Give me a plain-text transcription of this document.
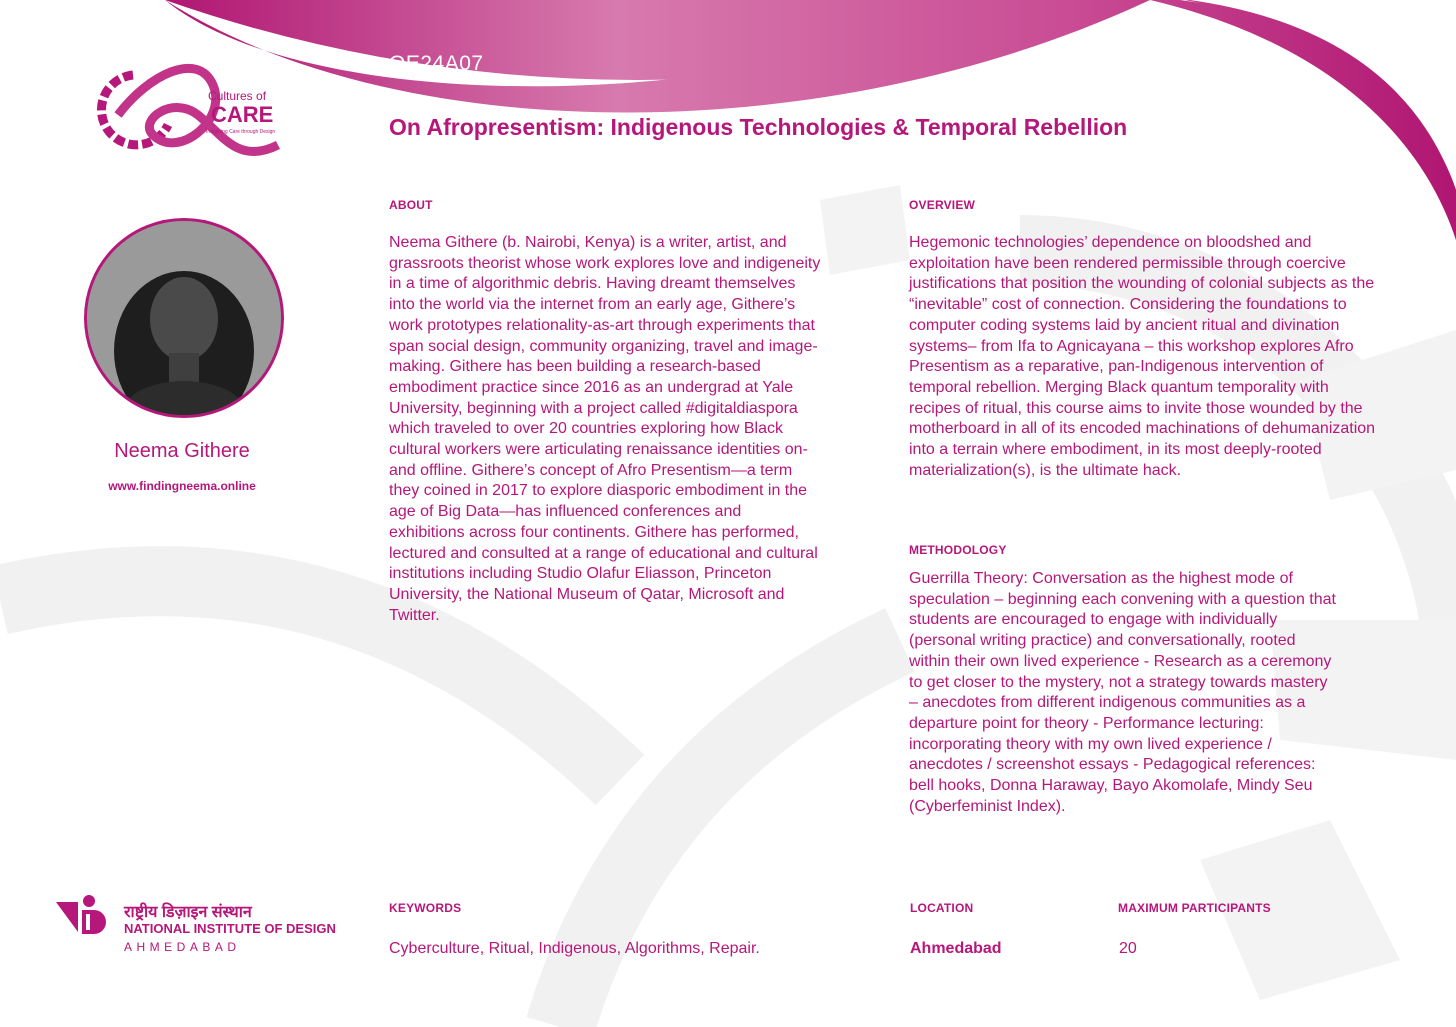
Cultures of
CARE
Imagining Care through Design
Neema Githere
www.findingneema.online
OE24A07
On Afropresentism: Indigenous Technologies & Temporal Rebellion
ABOUT

Neema Githere (b. Nairobi, Kenya) is a writer, artist, and grassroots theorist whose work explores love and indigeneity in a time of algorithmic debris. Having dreamt themselves into the world via the internet from an early age, Githere’s work prototypes relationality-as-art through experiments that span social design, community organizing, travel and image-making. Githere has been building a research-based embodiment practice since 2016 as an undergrad at Yale University, beginning with a project called #digitaldiaspora which traveled to over 20 countries exploring how Black cultural workers were articulating renaissance identities on- and offline. Githere’s concept of Afro Presentism—a term they coined in 2017 to explore diasporic embodiment in the age of Big Data—has influenced conferences and exhibitions across four continents. Githere has performed, lectured and consulted at a range of educational and cultural institutions including Studio Olafur Eliasson, Princeton University, the National Museum of Qatar, Microsoft and Twitter.

OVERVIEW

Hegemonic technologies’ dependence on bloodshed and exploitation have been rendered permissible through coercive justifications that position the wounding of colonial subjects as the “inevitable” cost of connection. Considering the foundations to computer coding systems laid by ancient ritual and divination systems– from Ifa to Agnicayana – this workshop explores Afro Presentism as a reparative, pan-Indigenous intervention of temporal rebellion. Merging Black quantum temporality with recipes of ritual, this course aims to invite those wounded by the motherboard in all of its encoded machinations of dehumanization into a terrain where embodiment, in its most deeply-rooted materialization(s), is the ultimate hack.

METHODOLOGY

Guerrilla Theory: Conversation as the highest mode of speculation – beginning each convening with a question that students are encouraged to engage with individually (personal writing practice) and conversationally, rooted within their own lived experience - Research as a ceremony to get closer to the mystery, not a strategy towards mastery – anecdotes from different indigenous communities as a departure point for theory - Performance lecturing: incorporating theory with my own lived experience / anecdotes / screenshot essays - Pedagogical references: bell hooks, Donna Haraway, Bayo Akomolafe, Mindy Seu (Cyberfeminist Index).

KEYWORDS
Cyberculture, Ritual, Indigenous, Algorithms, Repair.
LOCATION
Ahmedabad
MAXIMUM PARTICIPANTS
20
राष्ट्रीय डिज़ाइन संस्थान
NATIONAL INSTITUTE OF DESIGN
AHMEDABAD
